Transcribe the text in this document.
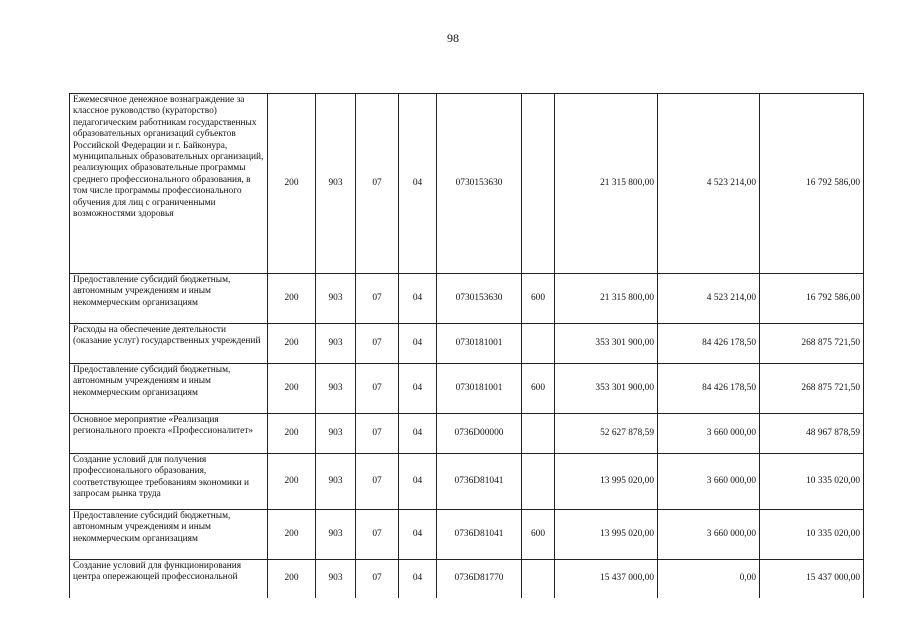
98
Ежемесячное денежное вознаграждение за классное руководство (кураторство) педагогическим работникам государственных образовательных организаций субъектов Российской Федерации и г. Байконура, муниципальных образовательных организаций, реализующих образовательные программы среднего профессионального образования, в том числе программы профессионального обучения для лиц с ограниченными возможностями здоровья	200	903	07	04	0730153630		21 315 800,00	4 523 214,00	16 792 586,00
Предоставление субсидий бюджетным, автономным учреждениям и иным некоммерческим организациям	200	903	07	04	0730153630	600	21 315 800,00	4 523 214,00	16 792 586,00
Расходы на обеспечение деятельности (оказание услуг) государственных учреждений	200	903	07	04	0730181001		353 301 900,00	84 426 178,50	268 875 721,50
Предоставление субсидий бюджетным, автономным учреждениям и иным некоммерческим организациям	200	903	07	04	0730181001	600	353 301 900,00	84 426 178,50	268 875 721,50
Основное мероприятие «Реализация регионального проекта «Профессионалитет»	200	903	07	04	0736D00000		52 627 878,59	3 660 000,00	48 967 878,59
Создание условий для получения профессионального образования, соответствующее требованиям экономики и запросам рынка труда	200	903	07	04	0736D81041		13 995 020,00	3 660 000,00	10 335 020,00
Предоставление субсидий бюджетным, автономным учреждениям и иным некоммерческим организациям	200	903	07	04	0736D81041	600	13 995 020,00	3 660 000,00	10 335 020,00
Создание условий для функционирования центра опережающей профессиональной	200	903	07	04	0736D81770		15 437 000,00	0,00	15 437 000,00
